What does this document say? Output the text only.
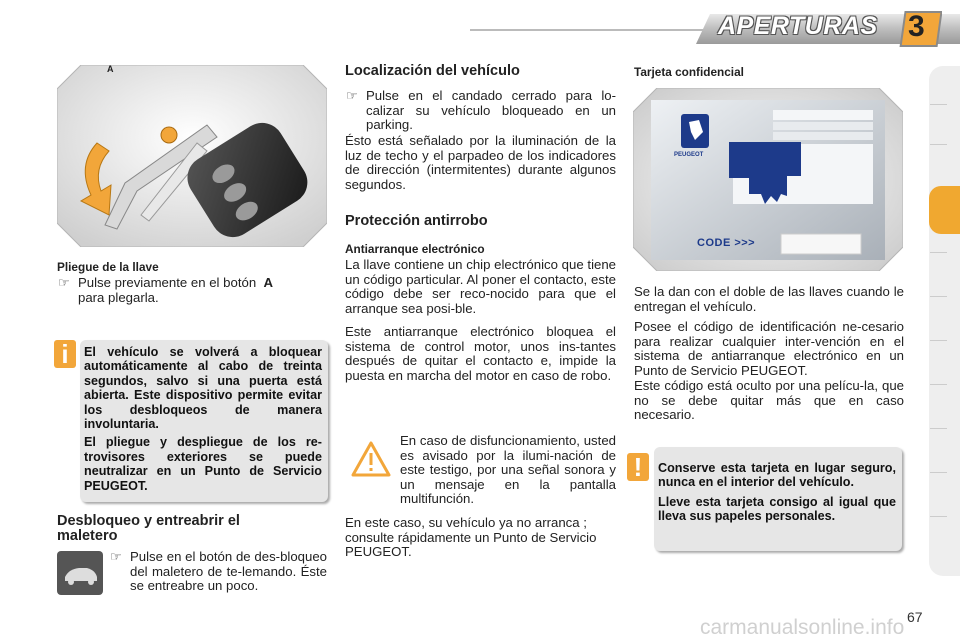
APERTURAS 3
A
Pliegue de la llave
☞ Pulse previamente en el botón A
para plegarla.
i	El vehículo se volverá a bloquear automáticamente al cabo de treinta segundos, salvo si una puerta está abierta. Este dispositivo permite evitar los desbloqueos de manera involuntaria.

El pliegue y despliegue de los re-trovisores exteriores se puede neutralizar en un Punto de Servicio PEUGEOT.

Desbloqueo y entreabrir el maletero
☞ Pulse en el botón de des-bloqueo del maletero de te-lemando. Éste se entreabre un poco.
Localización del vehículo
☞ Pulse en el candado cerrado para lo-calizar su vehículo bloqueado en un parking.

Ésto está señalado por la iluminación de la luz de techo y el parpadeo de los indicadores de dirección (intermitentes) durante algunos segundos.

Protección antirrobo
Antiarranque electrónico

La llave contiene un chip electrónico que tiene un código particular. Al poner el contacto, este código debe ser reco-nocido para que el arranque sea posi-ble.

Este antiarranque electrónico bloquea el sistema de control motor, unos ins-tantes después de quitar el contacto e, impide la puesta en marcha del motor en caso de robo.

En caso de disfuncionamiento, usted es avisado por la ilumi-nación de este testigo, por una señal sonora y un mensaje en la pantalla multifunción.

En este caso, su vehículo ya no arranca ; consulte rápidamente un Punto de Servicio PEUGEOT.

Tarjeta confidencial
PEUGEOT
CODE >>>

Se la dan con el doble de las llaves cuando le entregan el vehículo.

Posee el código de identificación ne-cesario para realizar cualquier inter-vención en el sistema de antiarranque electrónico en un Punto de Servicio PEUGEOT.

Este código está oculto por una pelícu-la, que no se debe quitar más que en caso necesario.

!	Conserve esta tarjeta en lugar seguro, nunca en el interior del vehículo.

Lleve esta tarjeta consigo al igual que lleva sus papeles personales.

67
carmanualsonline.info
